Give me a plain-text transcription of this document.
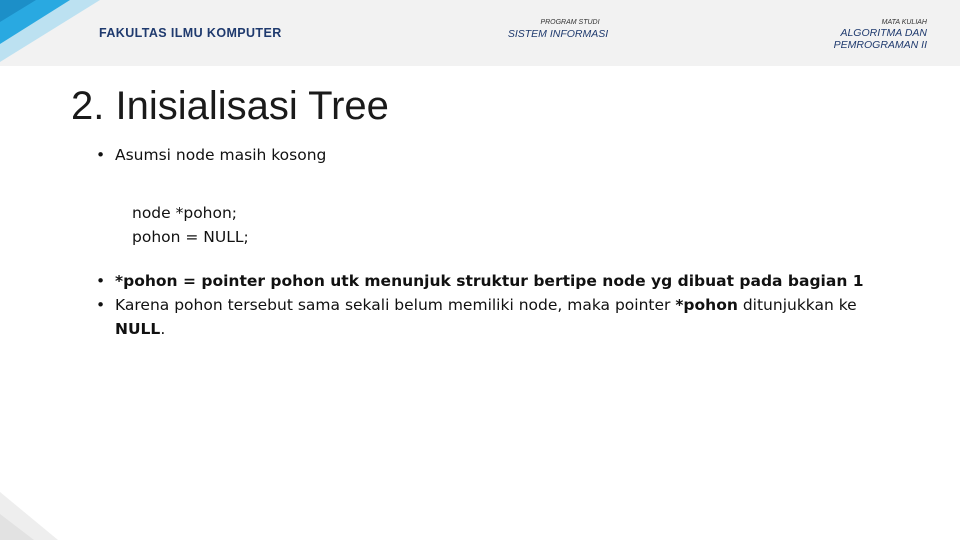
FAKULTAS ILMU KOMPUTER
PROGRAM STUDI
SISTEM INFORMASI
MATA KULIAH
ALGORITMA DAN
PEMROGRAMAN II
2. Inisialisasi Tree
• Asumsi node masih kosong
node *pohon;
pohon = NULL;
• *pohon = pointer pohon utk menunjuk struktur bertipe node yg dibuat pada bagian 1
• Karena pohon tersebut sama sekali belum memiliki node, maka pointer *pohon ditunjukkan ke NULL.
